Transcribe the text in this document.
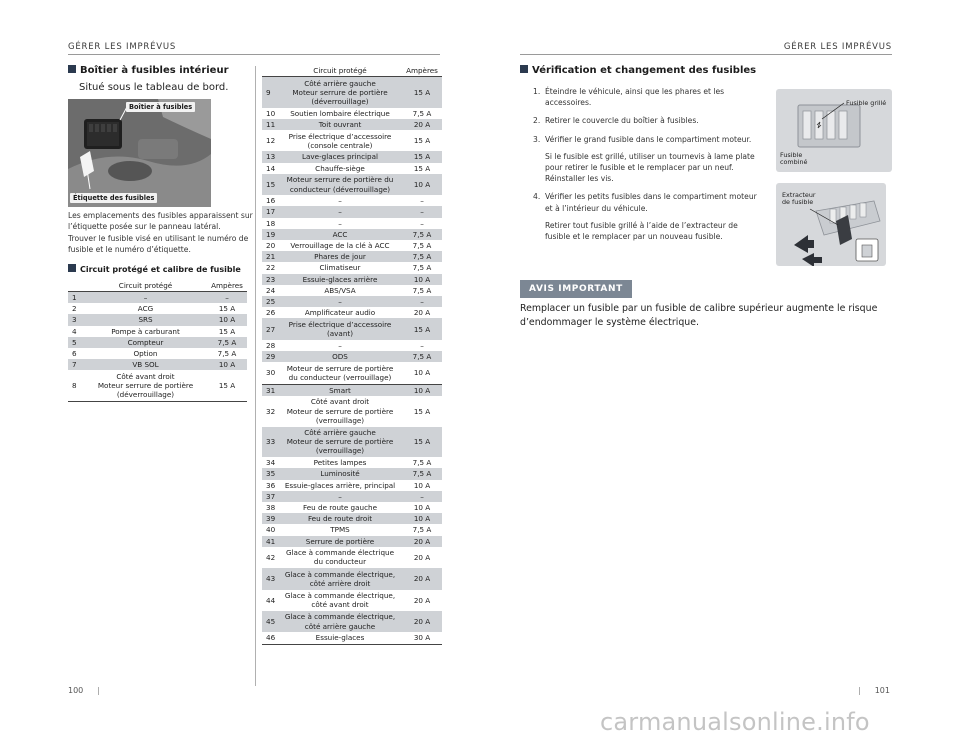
GÉRER LES IMPRÉVUS	GÉRER LES IMPRÉVUS
Boîtier à fusibles intérieur
Situé sous le tableau de bord.
Boîtier à fusibles
Étiquette des fusibles
Les emplacements des fusibles apparaissent sur
l’étiquette posée sur le panneau latéral.
Trouver le fusible visé en utilisant le numéro de
fusible et le numéro d’étiquette.
Circuit protégé et calibre de fusible
	Circuit protégé	Ampères
1	–	–
2	ACG	15 A
3	SRS	10 A
4	Pompe à carburant	15 A
5	Compteur	7,5 A
6	Option	7,5 A
7	VB SOL	10 A
8	Côté avant droit
Moteur serrure de portière
(déverrouillage)	15 A
	Circuit protégé	Ampères
9	Côté arrière gauche
Moteur serrure de portière
(déverrouillage)	15 A
10	Soutien lombaire électrique	7,5 A
11	Toit ouvrant	20 A
12	Prise électrique d’accessoire
(console centrale)	15 A
13	Lave-glaces principal	15 A
14	Chauffe-siège	15 A
15	Moteur serrure de portière du
conducteur (déverrouillage)	10 A
16	–	–
17	–	–
18	–	–
19	ACC	7,5 A
20	Verrouillage de la clé à ACC	7,5 A
21	Phares de jour	7,5 A
22	Climatiseur	7,5 A
23	Essuie-glaces arrière	10 A
24	ABS/VSA	7,5 A
25	–	–
26	Amplificateur audio	20 A
27	Prise électrique d’accessoire
(avant)	15 A
28	–	–
29	ODS	7,5 A
30	Moteur de serrure de portière
du conducteur (verrouillage)	10 A
31	Smart	10 A
32	Côté avant droit
Moteur de serrure de portière
(verrouillage)	15 A
33	Côté arrière gauche
Moteur de serrure de portière
(verrouillage)	15 A
34	Petites lampes	7,5 A
35	Luminosité	7,5 A
36	Essuie-glaces arrière, principal	10 A
37	–	–
38	Feu de route gauche	10 A
39	Feu de route droit	10 A
40	TPMS	7,5 A
41	Serrure de portière	20 A
42	Glace à commande électrique
du conducteur	20 A
43	Glace à commande électrique,
côté arrière droit	20 A
44	Glace à commande électrique,
côté avant droit	20 A
45	Glace à commande électrique,
côté arrière gauche	20 A
46	Essuie-glaces	30 A
Vérification et changement des fusibles
1. Éteindre le véhicule, ainsi que les phares et les accessoires.
2. Retirer le couvercle du boîtier à fusibles.
3. Vérifier le grand fusible dans le compartiment moteur.
Si le fusible est grillé, utiliser un tournevis à lame plate pour retirer le fusible et le remplacer par un neuf. Réinstaller les vis.
4. Vérifier les petits fusibles dans le compartiment moteur et à l’intérieur du véhicule.
Retirer tout fusible grillé à l’aide de l’extracteur de fusible et le remplacer par un nouveau fusible.
Fusible grillé
Fusible
combiné
Extracteur
de fusible
AVIS IMPORTANT
Remplacer un fusible par un fusible de calibre supérieur augmente le risque
d’endommager le système électrique.
100 |	| 101
carmanualsonline.info
